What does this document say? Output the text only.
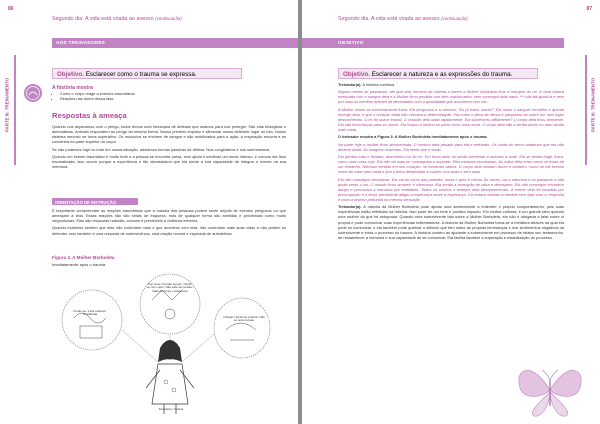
86
Segundo dia. A vida está virada ao avesso (continuação)
AOS TREINADORES
PARTE III. TREINAMENTO
Objetivo. Esclarecer como o trauma se expressa.
A história mostra
• Como o corpo reage a eventos traumáticos.
• Reações nas dores dessa fase.
Respostas à ameaça

Quando nos deparamos com o perigo, todos temos uma hierarquia de defesas que usamos para nos proteger. São elas biológicas e automáticas. Animais respondem ao perigo da mesma forma. Nosso primeiro impulso é alimentar nosso defender lugar ou luta. Nosso sistema nervoso se torna superativo. Os músculos se enchem de sangue e são mobilizados para a ação; a respiração encurta e se concentra na parte superior do corpo.

Se não podemos fugir ou lutar em nossa situação, adotamos formas passivas de defesa. Nós congelamos e nos submetemos.

Quando um evento traumático é muito forte e a pessoa se encontra presa, sem ajuda e sentindo um medo intenso, é comum ela ficar traumatizada, isso ocorre porque a experiência é tão devastadora que ela perde a sua capacidade de integrar o evento na sua memória.

ORIENTAÇÃO DE INSTRUÇÃO.

É importante compreender as reações traumáticas que a maioria das pessoas podem sentir depois de eventos perigosos ou que ameaçam a vida. Essas reações não são sinais de fraqueza, mas de qualquer forma são sentidas e percebidas como muito vergonhosas. Elas são respostas naturais, comuns e previsíveis à violência extrema.

Quando mulheres sentem que elas não controlam mais o que acontece com elas, não controlam mais suas vidas e não podem se defender, isso também é uma resposta de sobrevivência, uma reação normal e esperada de autodefesa.

Figura 3. A Mulher Borboleta
Imediatamente após o trauma.
Perder-se / Ficar exausta / Imobilizada
Tirar cena / Acordar sempre / Sentir-se com medo / Não sabe ser tocada / Falta de tempo e isolamento
Irritação / Sentir-se sozinha / Não se sente tocada
Pesadelos / Insônia
87
Segundo dia. A vida está virada ao avesso (continuação)
OBJETIVO
PARTE III. TREINAMENTO
Objetivo. Esclarecer a natureza e as expressões do trauma.

Treinador(a). A história continua.

Alguns meses se passaram, até que dois homens da vizinha a fazem a Mulher Borboleta ficar à margem do rio. A vista estava enevoada com o sangue dela e a Mulher ficou perdida com eles machucados, sem conseguir falar nada. *** não dá ajudá-la e nem pra casa os homens fizeram dá devastados com a quantidade que aconteceu com ela.

A Mulher sentiu-se extremamente fraca. Ela perguntou a si mesma: "Eu já estou morta?" Ela notou o sangue vermelho e quente emergir dela, e que o coração batia não cessava a determinação. Ela notou o peso da névoa e perguntou-se sobre um nem lugar desconhecido. O rio foi suave frontal. O coração dela batia rapidamente. Ela sobreviveu aflitamente? O corpo dela ficou dormente. Ela não tinha forças para se mover. Ela limpou e sentou-se perto como uma rocha. O corpo dela não a sentia assim no rabo sentia mais nada.

O treinador mostra a Figura 3: A Mulher Borboleta imediatamente após o trauma.

Na parte hoje a mulher ficou atormentada. O mesmo dela pesado para ela e entrando. Os sinais do terror abateram que ela não deveria sentir. As imagens cinzentas. Ela sente que é vindo.

Ela perdeu tudo e ficaram, atormentou-se do rio. Em torno dela, se sentiu tremendo e assusta a noite. Ela se sentia frágil, fraca, como uma coisa cujo. Ela não dá mais ter conseguido e suportar. Eles estavam dominando. As mãos dela eram como se fosse de um estranho. Nenhum sentido em seu coração, se tornaram vazios. O corpo dela sentiam dores e também, como se ela tivesse medo de estar sem nada e que a tinha despertado à mulher com asas e sem asas.

Ela não conseguiu descansar. Ela via as cores das paredes, ouvia o grito e cenas. Às vezes, via a natureza e os pássaros e não podia sentir o sol. O mundo ficou amarelo e silencioso. Ela sentia a sensação de raiva e desespero. Ela não consegue encontrar abrigo e procurava a estrutura por entidades. Todos os sonhos e desejos dela desapareceram. A mente dela foi invadida por preocupação e o terror persistente afligiu a esperança sobre a esperança. Ela estava lutando à medida sem lidar com a vergonha e raiva a tristeza profunda na mesma sensação.

Treinador(a). A história da Mulher Borboleta pode ajudar uma sobrevivente a entender o próprio comportamento, pois suas experiências estão refletidas na história. Isso pode ter um forte e positivo impacto. Em muitas culturas, é um grande tabu quando uma mulher dá que foi estuprada. Quando uma sobrevivente fala sobre a Mulher Borboleta, ela não é obrigada a falar sobre si própria e pode comunicar suas experiências indiretamente. A história da Mulher Borboleta torna-se a metáfora através da qual ela pode se comunicar, e ela também pode quebrar o silêncio que tem sobre as próprias lembranças e dos sentimentos negativos da sobrevivente e inicia o processo do trauma. A história contém ao ajudante a sobrevivente em processo de relatar seu testemunho, de restabelecer a memória e sua capacidade de se comunicar. Ela facilita também a superação e estabilização do processo.
